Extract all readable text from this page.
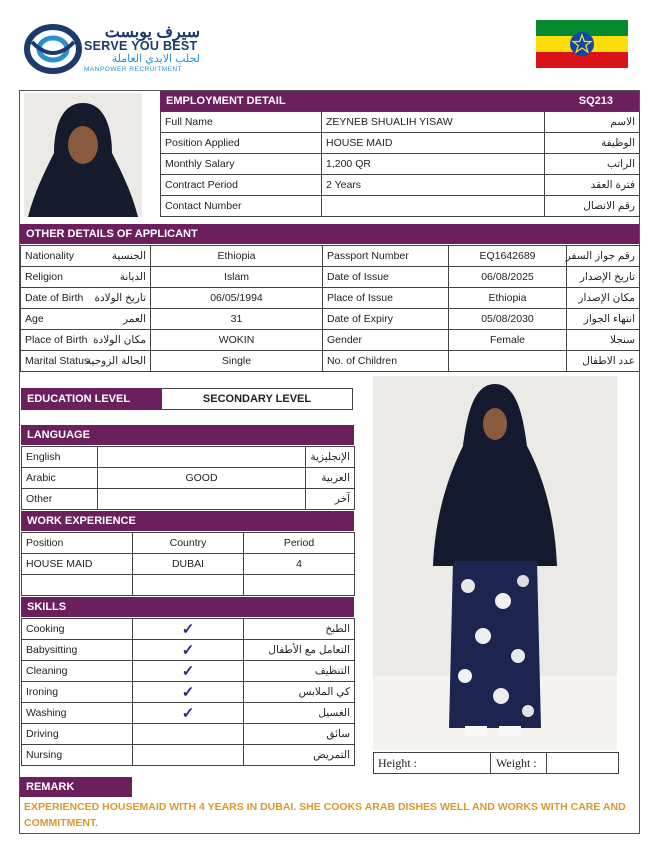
سيرف يوبست
SERVE YOU BEST
لجلب الايدي العاملة
MANPOWER RECRUITMENT
EMPLOYMENT DETAIL	SQ213
Full Name	ZEYNEB SHUALIH YISAW	الاسم
Position Applied	HOUSE MAID	الوظيفة
Monthly Salary	1,200 QR	الراتب
Contract Period	2 Years	فترة العقد
Contact Number		رقم الاتصال
OTHER DETAILS OF APPLICANT
Nationality	الجنسية	Ethiopia	Passport Number	EQ1642689	رقم جواز السفر
Religion	الديانة	Islam	Date of Issue	06/08/2025	تاريخ الإصدار
Date of Birth	تاريخ الولادة	06/05/1994	Place of Issue	Ethiopia	مكان الإصدار
Age	العمر	31	Date of Expiry	05/08/2030	انتهاء الجواز
Place of Birth	مكان الولادة	WOKIN	Gender	Female	سنجلا
Marital Status	الحالة الزوجية	Single	No. of Children		عدد الاطفال
EDUCATION LEVEL	SECONDARY LEVEL
LANGUAGE
English		الإنجليزية
Arabic	GOOD	العربية
Other		آخر
WORK EXPERIENCE
Position	Country	Period
HOUSE MAID	DUBAI	4

SKILLS
Cooking	✓	الطبخ
Babysitting	✓	التعامل مع الأطفال
Cleaning	✓	التنظيف
Ironing	✓	كي الملابس
Washing	✓	الغسيل
Driving		سائق
Nursing		التمريض
Height :	Weight :
REMARK
EXPERIENCED HOUSEMAID WITH 4 YEARS IN DUBAI. SHE COOKS ARAB DISHES WELL AND WORKS WITH CARE AND COMMITMENT.
